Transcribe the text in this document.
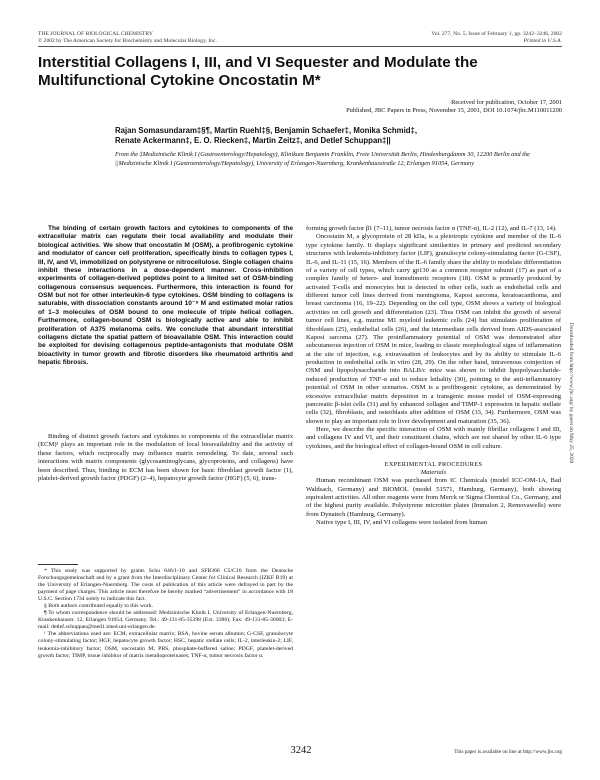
THE JOURNAL OF BIOLOGICAL CHEMISTRY
© 2002 by The American Society for Biochemistry and Molecular Biology, Inc.
Vol. 277, No. 5, Issue of February 1, pp. 3242–3246, 2002
Printed in U.S.A.
Interstitial Collagens I, III, and VI Sequester and Modulate the Multifunctional Cytokine Oncostatin M*
Received for publication, October 17, 2001
Published, JBC Papers in Press, November 15, 2001, DOI 10.1074/jbc.M110011200
Rajan Somasundaram‡§¶, Martin Ruehl‡§, Benjamin Schaefer‡, Monika Schmid‡,
Renate Ackermann‡, E. O. Riecken‡, Martin Zeitz‡, and Detlef Schuppan‡||
From the ‡Medizinische Klinik I (Gastroenterology/Hepatology), Klinikum Benjamin Franklin, Freie Universität Berlin, Hindenburgdamm 30, 12200 Berlin and the ||Medizinische Klinik I (Gastroenterology/Hepatology), University of Erlangen-Nuernberg, Krankenhausstraße 12, Erlangen 91054, Germany
The binding of certain growth factors and cytokines to components of the extracellular matrix can regulate their local availability and modulate their biological activities. We show that oncostatin M (OSM), a profibrogenic cytokine and modulator of cancer cell proliferation, specifically binds to collagen types I, III, IV, and VI, immobilized on polystyrene or nitrocellulose. Single collagen chains inhibit these interactions in a dose-dependent manner. Cross-inhibition experiments of collagen-derived peptides point to a limited set of OSM-binding collagenous consensus sequences. Furthermore, this interaction is found for OSM but not for other interleukin-6 type cytokines. OSM binding to collagens is saturable, with dissociation constants around 10⁻⁸ M and estimated molar ratios of 1–3 molecules of OSM bound to one molecule of triple helical collagen. Furthermore, collagen-bound OSM is biologically active and able to inhibit proliferation of A375 melanoma cells. We conclude that abundant interstitial collagens dictate the spatial pattern of bioavailable OSM. This interaction could be exploited for devising collagenous peptide-antagonists that modulate OSM bioactivity in tumor growth and fibrotic disorders like rheumatoid arthritis and hepatic fibrosis.

Binding of distinct growth factors and cytokines to components of the extracellular matrix (ECM)¹ plays an important role in the modulation of local bioavailability and the activity of these factors, which reciprocally may influence matrix remodeling. To date, several such interactions with matrix components (glycosaminoglycans, glycoproteins, and collagens) have been described. Thus, binding to ECM has been shown for basic fibroblast growth factor (1), platelet-derived growth factor (PDGF) (2–4), hepatocyte growth factor (HGF) (5, 6), trans-

* This study was supported by grants Schu 646/1-10 and SFB366 C5/C10 from the Deutsche Forschungsgemeinschaft and by a grant from the Interdisciplinary Center for Clinical Research (IZKF B19) at the University of Erlangen-Nuernberg. The costs of publication of this article were defrayed in part by the payment of page charges. This article must therefore be hereby marked “advertisement” in accordance with 18 U.S.C. Section 1734 solely to indicate this fact.

§ Both authors contributed equally to this work.

¶ To whom correspondence should be addressed: Medizinische Klinik I, University of Erlangen-Nuernberg, Krankenhausstr. 12, Erlangen 91054, Germany. Tel.: 49-131-85-35398 (Ext. 3386); Fax: 49-131-85-36003; E-mail: detlef.schuppan@med1.imed.uni-erlangen.de.

¹ The abbreviations used are: ECM, extracellular matrix; BSA, bovine serum albumin; G-CSF, granulocyte colony-stimulating factor; HGF, hepatocyte growth factor; HSC, hepatic stellate cells; IL-2, interleukin-2; LIF, leukemia-inhibitory factor; OSM, oncostatin M; PBS, phosphate-buffered saline; PDGF, platelet-derived growth factor; TIMP, tissue inhibitor of matrix metalloproteinases; TNF-α, tumor necrosis factor α.

forming growth factor β1 (7–11), tumor necrosis factor α (TNF-α), IL-2 (12), and IL-7 (13, 14).

Oncostatin M, a glycoprotein of 28 kDa, is a pleiotropic cytokine and member of the IL-6 type cytokine family. It displays significant similarities in primary and predicted secondary structures with leukemia-inhibitory factor (LIF), granulocyte colony-stimulating factor (G-CSF), IL-6, and IL-11 (15, 16). Members of the IL-6 family share the ability to modulate differentiation of a variety of cell types, which carry gp130 as a common receptor subunit (17) as part of a complex family of hetero- and homodimeric receptors (18). OSM is primarily produced by activated T-cells and monocytes but is detected in other cells, such as endothelial cells and different tumor cell lines derived from meningioma, Kaposi sarcoma, keratoacanthoma, and breast carcinoma (16, 19–22). Depending on the cell type, OSM shows a variety of biological activities on cell growth and differentiation (23). Thus OSM can inhibit the growth of several tumor cell lines, e.g. murine M1 myeloid leukemic cells (24) but stimulates proliferation of fibroblasts (25), endothelial cells (26), and the intermediate cells derived from AIDS-associated Kaposi sarcoma (27). The proinflammatory potential of OSM was demonstrated after subcutaneous injection of OSM in mice, leading to classic morphological signs of inflammation at the site of injection, e.g. extravasation of leukocytes and by its ability to stimulate IL-6 production in endothelial cells in vitro (28, 29). On the other hand, intravenous coinjection of OSM and lipopolysaccharide into BALB/c mice was shown to inhibit lipopolysaccharide-induced production of TNF-α and to reduce lethality (30), pointing to the anti-inflammatory potential of OSM in other scenarios. OSM is a profibrogenic cytokine, as demonstrated by excessive extracellular matrix deposition in a transgenic mouse model of OSM-expressing pancreatic β-islet cells (31) and by enhanced collagen and TIMP-1 expression in hepatic stellate cells (32), fibroblasts, and osteoblasts after addition of OSM (33, 34). Furthermore, OSM was shown to play an important role in liver development and maturation (35, 36).

Here, we describe the specific interaction of OSM with mainly fibrillar collagens I and III, and collagens IV and VI, and their constituent chains, which are not shared by other IL-6 type cytokines, and the biological effect of collagen-bound OSM in cell culture.

EXPERIMENTAL PROCEDURES
Materials

Human recombinant OSM was purchased from IC Chemicals (model ICC-OM-1A, Bad Waldsach, Germany) and BIOMOL (model 51571, Hamburg, Germany), both showing equivalent activities. All other reagents were from Merck or Sigma Chemical Co., Germany, and of the highest purity available. Polystyrene microtiter plates (Immulon 2, Removawells) were from Dynatech (Hamburg, Germany).

Native type I, III, IV, and VI collagens were isolated from human

Downloaded from http://www.jbc.org/ by guest on May 25, 2020
3242	This paper is available on line at http://www.jbc.org
